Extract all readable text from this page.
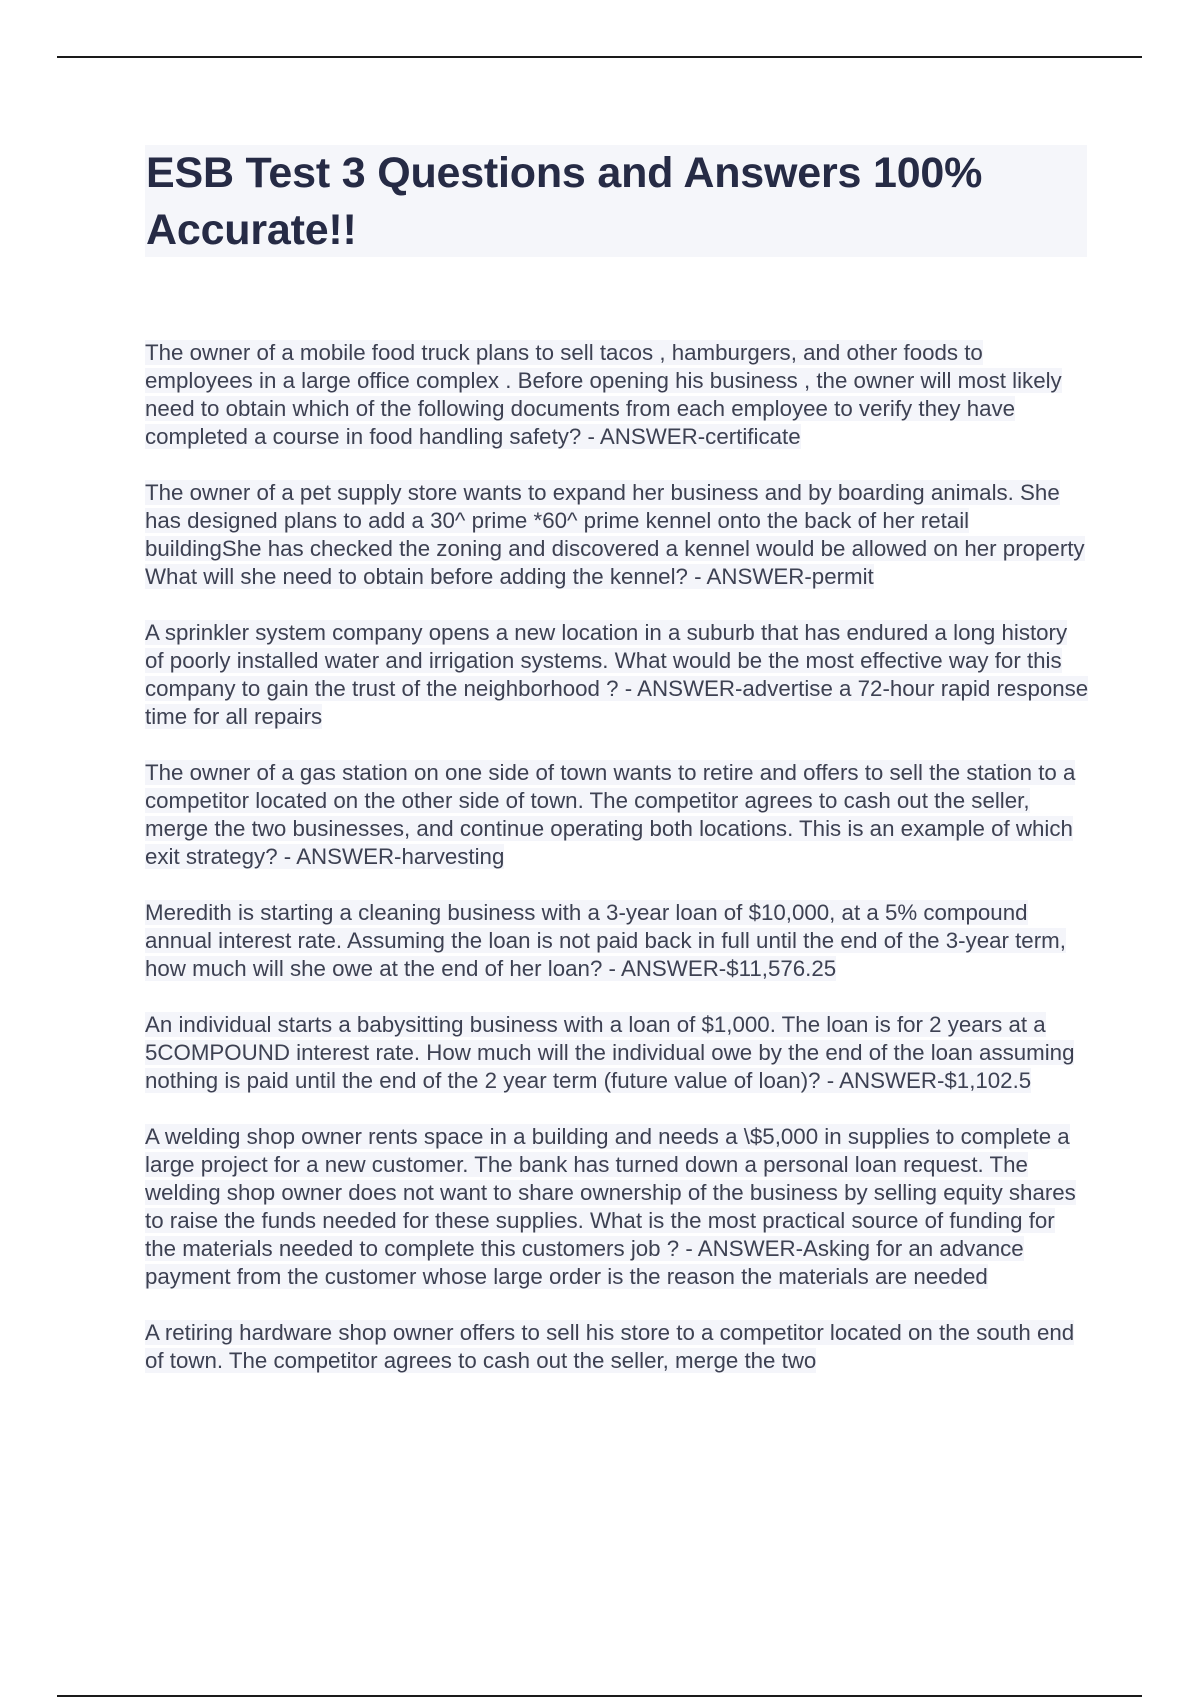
ESB Test 3 Questions and Answers 100% Accurate!!

The owner of a mobile food truck plans to sell tacos , hamburgers, and other foods to employees in a large office complex . Before opening his business , the owner will most likely need to obtain which of the following documents from each employee to verify they have completed a course in food handling safety? - ANSWER-certificate

The owner of a pet supply store wants to expand her business and by boarding animals. She has designed plans to add a 30^ prime *60^ prime kennel onto the back of her retail buildingShe has checked the zoning and discovered a kennel would be allowed on her property What will she need to obtain before adding the kennel? - ANSWER-permit

A sprinkler system company opens a new location in a suburb that has endured a long history of poorly installed water and irrigation systems. What would be the most effective way for this company to gain the trust of the neighborhood ? - ANSWER-advertise a 72-hour rapid response time for all repairs

The owner of a gas station on one side of town wants to retire and offers to sell the station to a competitor located on the other side of town. The competitor agrees to cash out the seller, merge the two businesses, and continue operating both locations. This is an example of which exit strategy? - ANSWER-harvesting

Meredith is starting a cleaning business with a 3-year loan of $10,000, at a 5% compound annual interest rate. Assuming the loan is not paid back in full until the end of the 3-year term, how much will she owe at the end of her loan? - ANSWER-$11,576.25

An individual starts a babysitting business with a loan of $1,000. The loan is for 2 years at a 5COMPOUND interest rate. How much will the individual owe by the end of the loan assuming nothing is paid until the end of the 2 year term (future value of loan)? - ANSWER-$1,102.5

A welding shop owner rents space in a building and needs a \$5,000 in supplies to complete a large project for a new customer. The bank has turned down a personal loan request. The welding shop owner does not want to share ownership of the business by selling equity shares to raise the funds needed for these supplies. What is the most practical source of funding for the materials needed to complete this customers job ? - ANSWER-Asking for an advance payment from the customer whose large order is the reason the materials are needed

A retiring hardware shop owner offers to sell his store to a competitor located on the south end of town. The competitor agrees to cash out the seller, merge the two
